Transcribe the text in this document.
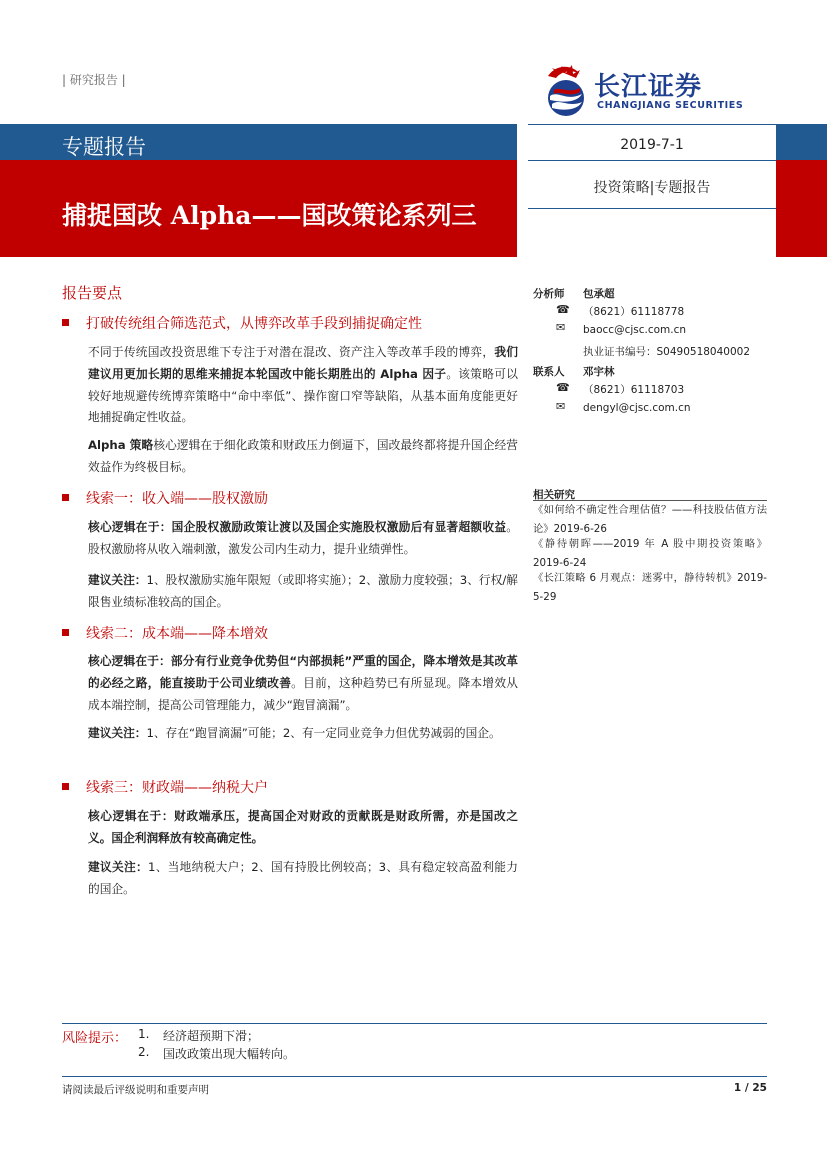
| 研究报告 |	长江证券
CHANGJIANG SECURITIES
专题报告
捕捉国改 Alpha——国改策论系列三
2019-7-1
投资策略|专题报告
报告要点
打破传统组合筛选范式，从博弈改革手段到捕捉确定性
不同于传统国改投资思维下专注于对潜在混改、资产注入等改革手段的博弈，我们建议用更加长期的思维来捕捉本轮国改中能长期胜出的 Alpha 因子。该策略可以较好地规避传统博弈策略中“命中率低”、操作窗口窄等缺陷，从基本面角度能更好地捕捉确定性收益。
Alpha 策略核心逻辑在于细化政策和财政压力倒逼下，国改最终都将提升国企经营效益作为终极目标。
线索一：收入端——股权激励
核心逻辑在于：国企股权激励政策让渡以及国企实施股权激励后有显著超额收益。股权激励将从收入端刺激，激发公司内生动力，提升业绩弹性。
建议关注：1、股权激励实施年限短（或即将实施）；2、激励力度较强；3、行权/解限售业绩标准较高的国企。
线索二：成本端——降本增效
核心逻辑在于：部分有行业竞争优势但“内部损耗”严重的国企，降本增效是其改革的必经之路，能直接助于公司业绩改善。目前，这种趋势已有所显现。降本增效从成本端控制，提高公司管理能力，减少“跑冒滴漏”。
建议关注：1、存在“跑冒滴漏”可能；2、有一定同业竞争力但优势减弱的国企。
线索三：财政端——纳税大户
核心逻辑在于：财政端承压，提高国企对财政的贡献既是财政所需，亦是国改之义。国企利润释放有较高确定性。
建议关注：1、当地纳税大户；2、国有持股比例较高；3、具有稳定较高盈利能力的国企。
分析师 包承超
☎ （8621）61118778
✉ baocc@cjsc.com.cn
执业证书编号：S0490518040002
联系人 邓宇林
☎ （8621）61118703
✉ dengyl@cjsc.com.cn
相关研究
《如何给不确定性合理估值？——科技股估值方法论》2019-6-26
《静待朝晖——2019 年 A 股中期投资策略》2019-6-24
《长江策略 6 月观点：迷雾中，静待转机》2019-5-29
风险提示： 1. 经济超预期下滑；
2. 国改政策出现大幅转向。
请阅读最后评级说明和重要声明	1 / 25
